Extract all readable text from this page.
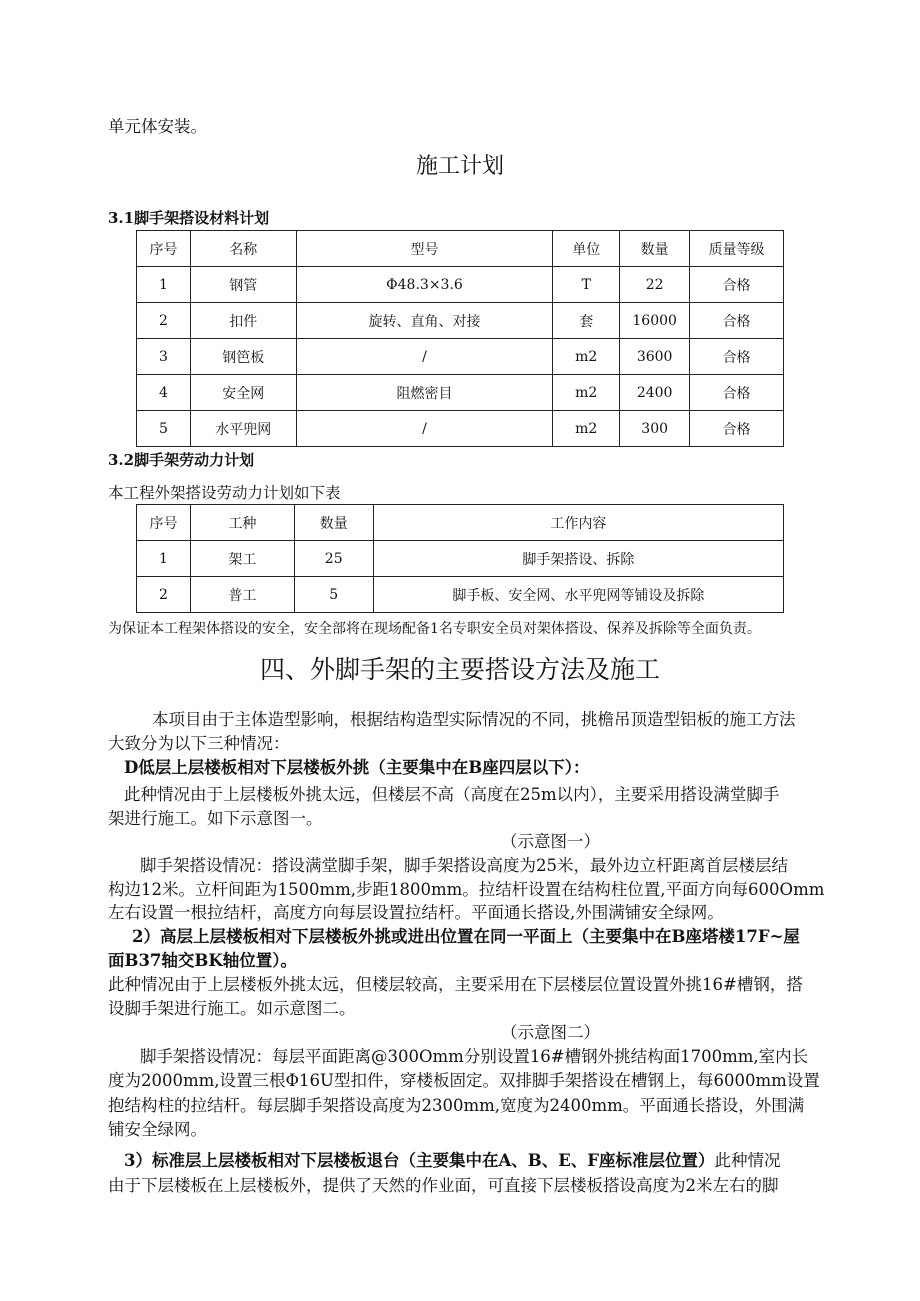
单元体安装。
施工计划
3.1脚手架搭设材料计划
序号	名称	型号	单位	数量	质量等级
1	钢管	Φ48.3×3.6	T	22	合格
2	扣件	旋转、直角、对接	套	16000	合格
3	钢笆板	/	m2	3600	合格
4	安全网	阻燃密目	m2	2400	合格
5	水平兜网	/	m2	300	合格
3.2脚手架劳动力计划
本工程外架搭设劳动力计划如下表
序号	工种	数量	工作内容
1	架工	25	脚手架搭设、拆除
2	普工	5	脚手板、安全网、水平兜网等铺设及拆除
为保证本工程架体搭设的安全，安全部将在现场配备1名专职安全员对架体搭设、保养及拆除等全面负责。
四、外脚手架的主要搭设方法及施工
本项目由于主体造型影响，根据结构造型实际情况的不同，挑檐吊顶造型铝板的施工方法
大致分为以下三种情况：
D低层上层楼板相对下层楼板外挑（主要集中在B座四层以下）：
此种情况由于上层楼板外挑太远，但楼层不高（高度在25m以内），主要采用搭设满堂脚手
架进行施工。如下示意图一。
（示意图一）
脚手架搭设情况：搭设满堂脚手架，脚手架搭设高度为25米，最外边立杆距离首层楼层结
构边12米。立杆间距为1500mm,步距1800mm。拉结杆设置在结构柱位置,平面方向每600Omm
左右设置一根拉结杆，高度方向每层设置拉结杆。平面通长搭设,外围满铺安全绿网。
2）高层上层楼板相对下层楼板外挑或进出位置在同一平面上（主要集中在B座塔楼17F~屋
面B37轴交BK轴位置）。
此种情况由于上层楼板外挑太远，但楼层较高，主要采用在下层楼层位置设置外挑16#槽钢，搭
设脚手架进行施工。如示意图二。
（示意图二）
脚手架搭设情况：每层平面距离@300Omm分别设置16#槽钢外挑结构面1700mm,室内长
度为2000mm,设置三根Φ16U型扣件，穿楼板固定。双排脚手架搭设在槽钢上，每6000mm设置
抱结构柱的拉结杆。每层脚手架搭设高度为2300mm,宽度为2400mm。平面通长搭设，外围满
铺安全绿网。
3）标准层上层楼板相对下层楼板退台（主要集中在A、B、E、F座标准层位置）此种情况
由于下层楼板在上层楼板外，提供了天然的作业面，可直接下层楼板搭设高度为2米左右的脚
